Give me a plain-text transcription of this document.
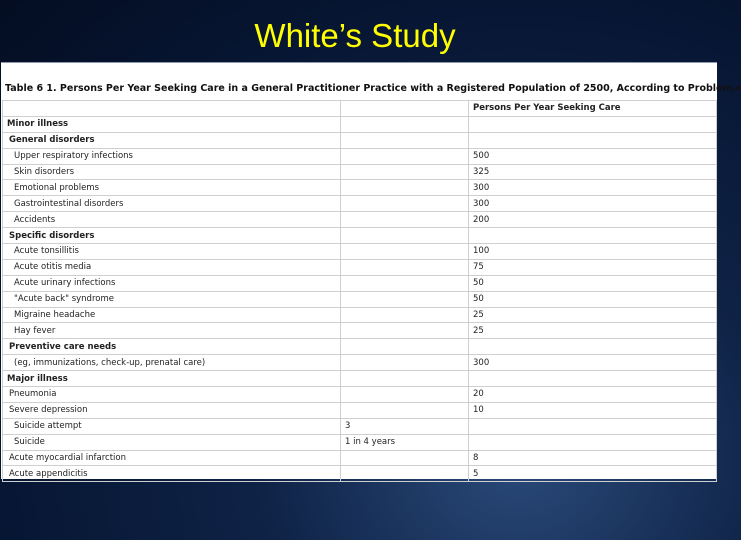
White’s Study
Table 6 1. Persons Per Year Seeking Care in a General Practitioner Practice with a Registered Population of 2500, According to Problem. a
		Persons Per Year Seeking Care
Minor illness		
General disorders		
Upper respiratory infections		500
Skin disorders		325
Emotional problems		300
Gastrointestinal disorders		300
Accidents		200
Specific disorders		
Acute tonsillitis		100
Acute otitis media		75
Acute urinary infections		50
"Acute back" syndrome		50
Migraine headache		25
Hay fever		25
Preventive care needs		
(eg, immunizations, check-up, prenatal care)		300
Major illness		
Pneumonia		20
Severe depression		10
Suicide attempt	3	
Suicide	1 in 4 years	
Acute myocardial infarction		8
Acute appendicitis		5
